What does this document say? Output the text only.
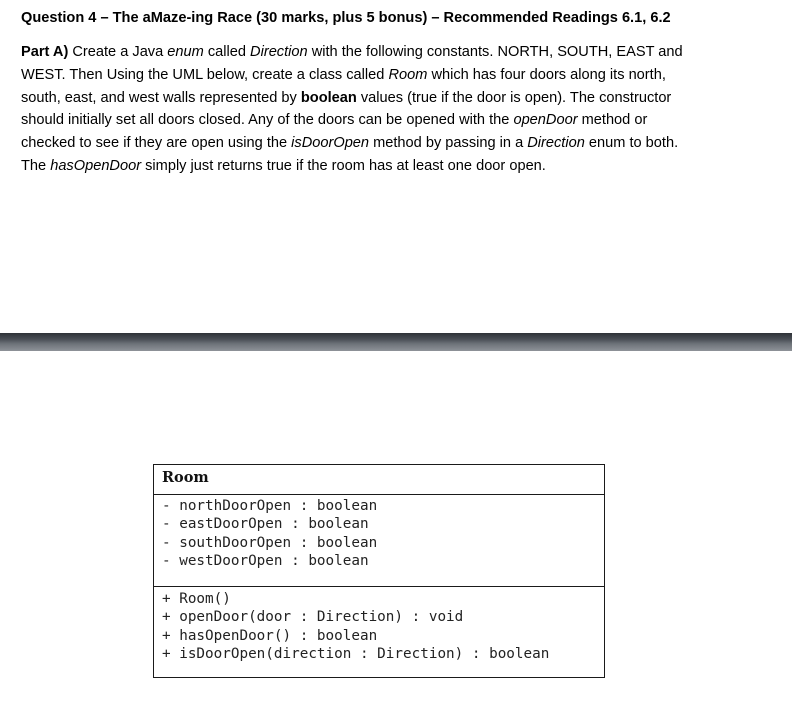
Question 4 – The aMaze-ing Race (30 marks, plus 5 bonus) – Recommended Readings 6.1, 6.2
Part A) Create a Java enum called Direction with the following constants. NORTH, SOUTH, EAST and
WEST. Then Using the UML below, create a class called Room which has four doors along its north,
south, east, and west walls represented by boolean values (true if the door is open). The constructor
should initially set all doors closed. Any of the doors can be opened with the openDoor method or
checked to see if they are open using the isDoorOpen method by passing in a Direction enum to both.
The hasOpenDoor simply just returns true if the room has at least one door open.
Room
- northDoorOpen : boolean
- eastDoorOpen : boolean
- southDoorOpen : boolean
- westDoorOpen : boolean
+ Room()
+ openDoor(door : Direction) : void
+ hasOpenDoor() : boolean
+ isDoorOpen(direction : Direction) : boolean
